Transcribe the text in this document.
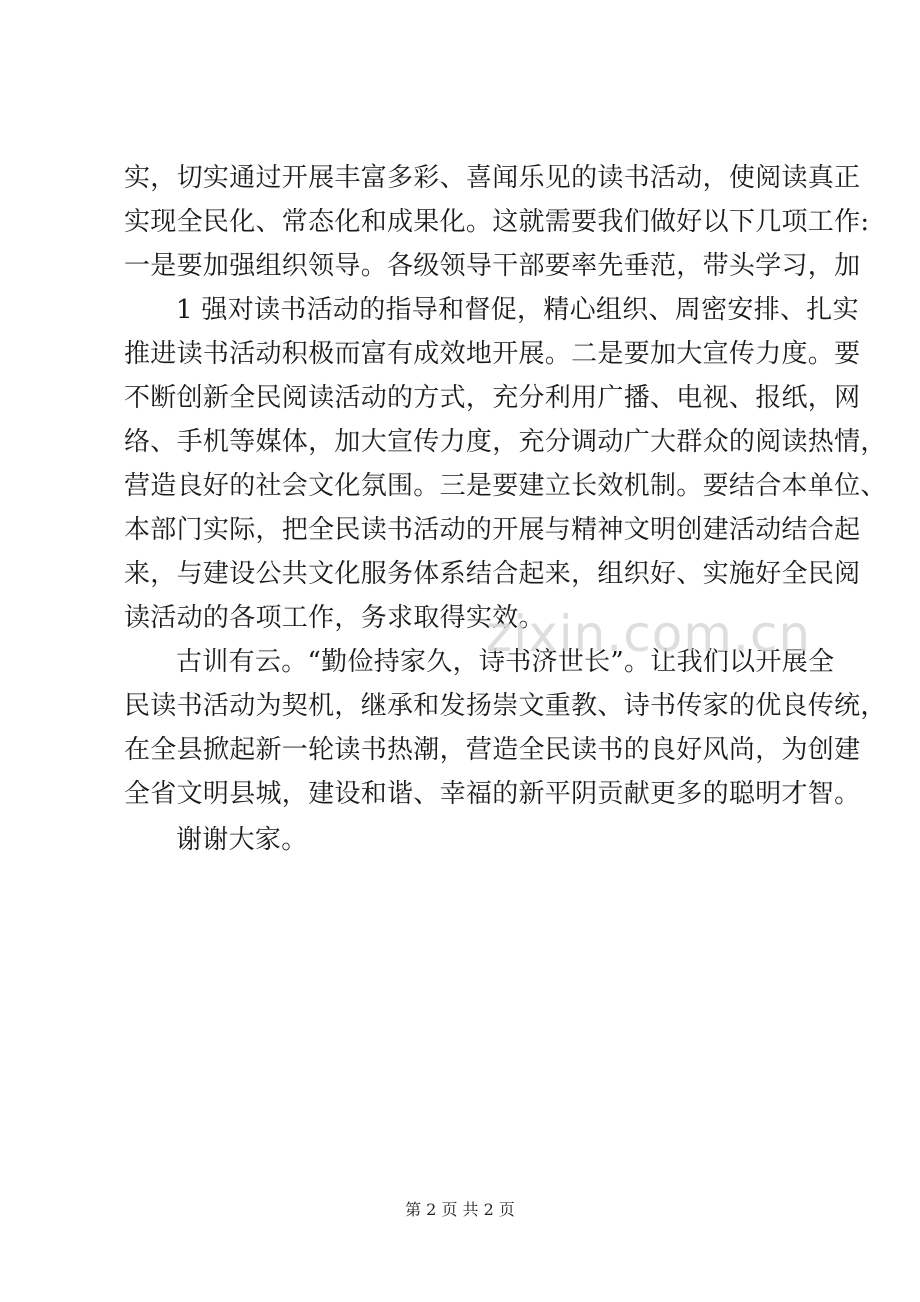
实，切实通过开展丰富多彩、喜闻乐见的读书活动，使阅读真正
实现全民化、常态化和成果化。这就需要我们做好以下几项工作:
一是要加强组织领导。各级领导干部要率先垂范，带头学习，加
1 强对读书活动的指导和督促，精心组织、周密安排、扎实
推进读书活动积极而富有成效地开展。二是要加大宣传力度。要
不断创新全民阅读活动的方式，充分利用广播、电视、报纸，网
络、手机等媒体，加大宣传力度，充分调动广大群众的阅读热情，
营造良好的社会文化氛围。三是要建立长效机制。要结合本单位、
本部门实际，把全民读书活动的开展与精神文明创建活动结合起
来，与建设公共文化服务体系结合起来，组织好、实施好全民阅
读活动的各项工作，务求取得实效。
古训有云。“勤俭持家久，诗书济世长”。让我们以开展全
民读书活动为契机，继承和发扬崇文重教、诗书传家的优良传统，
在全县掀起新一轮读书热潮，营造全民读书的良好风尚，为创建
全省文明县城，建设和谐、幸福的新平阴贡献更多的聪明才智。
谢谢大家。
zixin.com.cn
第 2 页 共 2 页
